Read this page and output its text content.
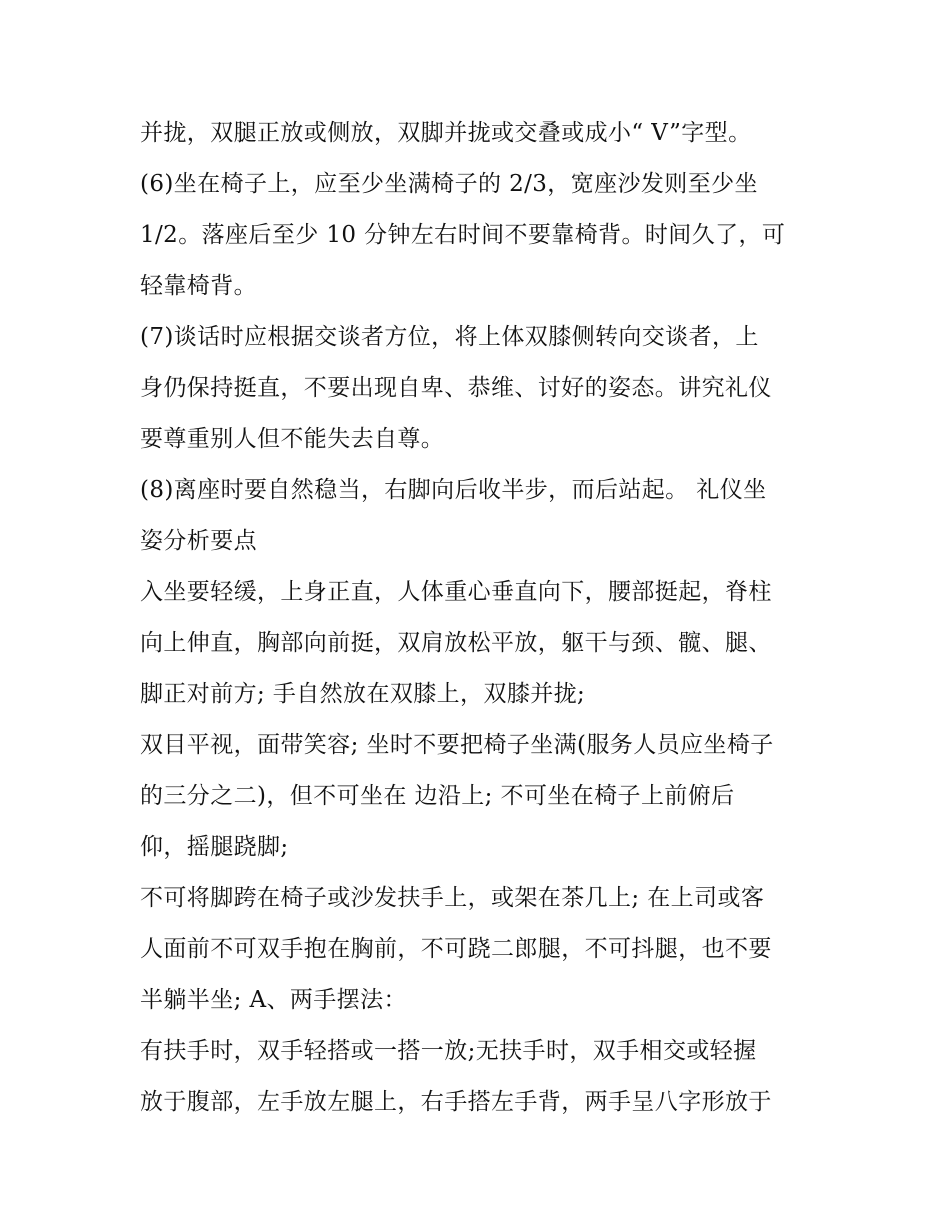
并拢，双腿正放或侧放，双脚并拢或交叠或成小“ V”字型。
(6)坐在椅子上，应至少坐满椅子的 2/3，宽座沙发则至少坐
1/2。落座后至少 10 分钟左右时间不要靠椅背。时间久了，可
轻靠椅背。
(7)谈话时应根据交谈者方位，将上体双膝侧转向交谈者，上
身仍保持挺直，不要出现自卑、恭维、讨好的姿态。讲究礼仪
要尊重别人但不能失去自尊。
(8)离座时要自然稳当，右脚向后收半步，而后站起。 礼仪坐
姿分析要点
入坐要轻缓，上身正直，人体重心垂直向下，腰部挺起，脊柱
向上伸直，胸部向前挺，双肩放松平放，躯干与颈、髋、腿、
脚正对前方; 手自然放在双膝上，双膝并拢;
双目平视，面带笑容; 坐时不要把椅子坐满(服务人员应坐椅子
的三分之二)，但不可坐在 边沿上; 不可坐在椅子上前俯后
仰，摇腿跷脚;
不可将脚跨在椅子或沙发扶手上，或架在茶几上; 在上司或客
人面前不可双手抱在胸前，不可跷二郎腿，不可抖腿，也不要
半躺半坐; A、两手摆法：
有扶手时，双手轻搭或一搭一放;无扶手时，双手相交或轻握
放于腹部，左手放左腿上，右手搭左手背，两手呈八字形放于
